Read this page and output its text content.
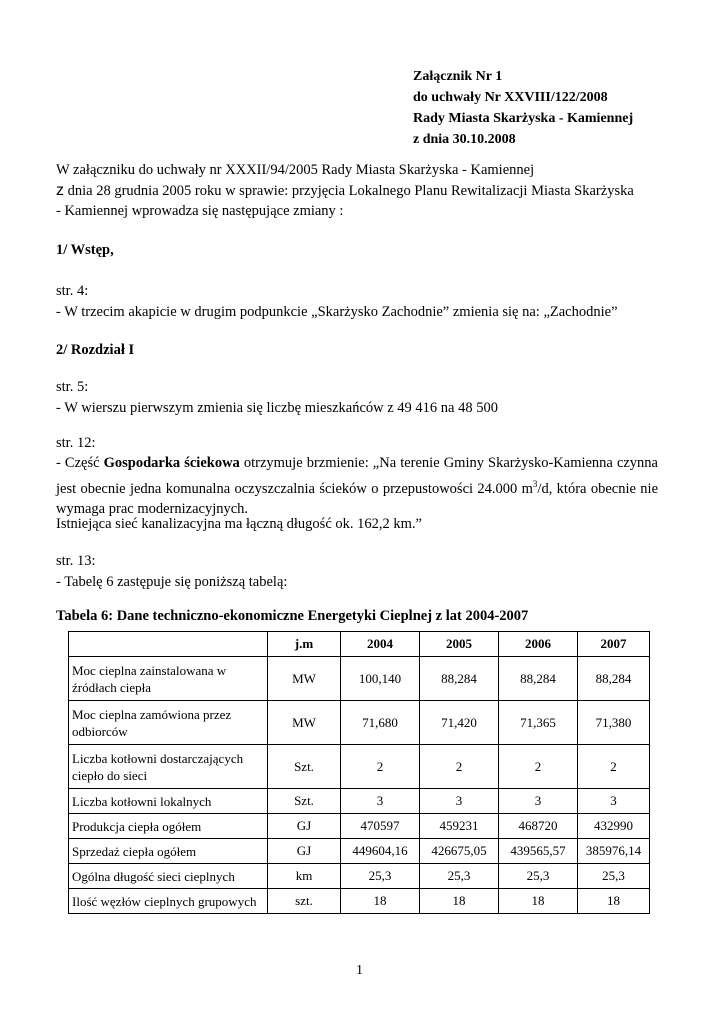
Załącznik Nr 1
do uchwały Nr XXVIII/122/2008
Rady Miasta Skarżyska - Kamiennej
z dnia 30.10.2008
W załączniku do uchwały nr XXXII/94/2005 Rady Miasta Skarżyska - Kamiennej
z dnia 28 grudnia 2005 roku w sprawie: przyjęcia Lokalnego Planu Rewitalizacji Miasta Skarżyska
- Kamiennej wprowadza się następujące zmiany :
1/ Wstęp,
str. 4:
- W trzecim akapicie w drugim podpunkcie „Skarżysko Zachodnie” zmienia się na: „Zachodnie”
2/ Rozdział I
str. 5:
- W wierszu pierwszym zmienia się liczbę mieszkańców z 49 416 na 48 500
str. 12:
- Część Gospodarka ściekowa otrzymuje brzmienie: „Na terenie Gminy Skarżysko-Kamienna czynna jest obecnie jedna komunalna oczyszczalnia ścieków o przepustowości 24.000 $m^3/d$, która obecnie nie wymaga prac modernizacyjnych.
Istniejąca sieć kanalizacyjna ma łączną długość ok. 162,2 km.”
str. 13:
- Tabelę 6 zastępuje się poniższą tabelą:
Tabela 6: Dane techniczno-ekonomiczne Energetyki Cieplnej z lat 2004-2007
	j.m	2004	2005	2006	2007
Moc cieplna zainstalowana w źródłach ciepła	MW	100,140	88,284	88,284	88,284
Moc cieplna zamówiona przez odbiorców	MW	71,680	71,420	71,365	71,380
Liczba kotłowni dostarczających ciepło do sieci	Szt.	2	2	2	2
Liczba kotłowni lokalnych	Szt.	3	3	3	3
Produkcja ciepła ogółem	GJ	470597	459231	468720	432990
Sprzedaż ciepła ogółem	GJ	449604,16	426675,05	439565,57	385976,14
Ogólna długość sieci cieplnych	km	25,3	25,3	25,3	25,3
Ilość węzłów cieplnych grupowych	szt.	18	18	18	18
1
